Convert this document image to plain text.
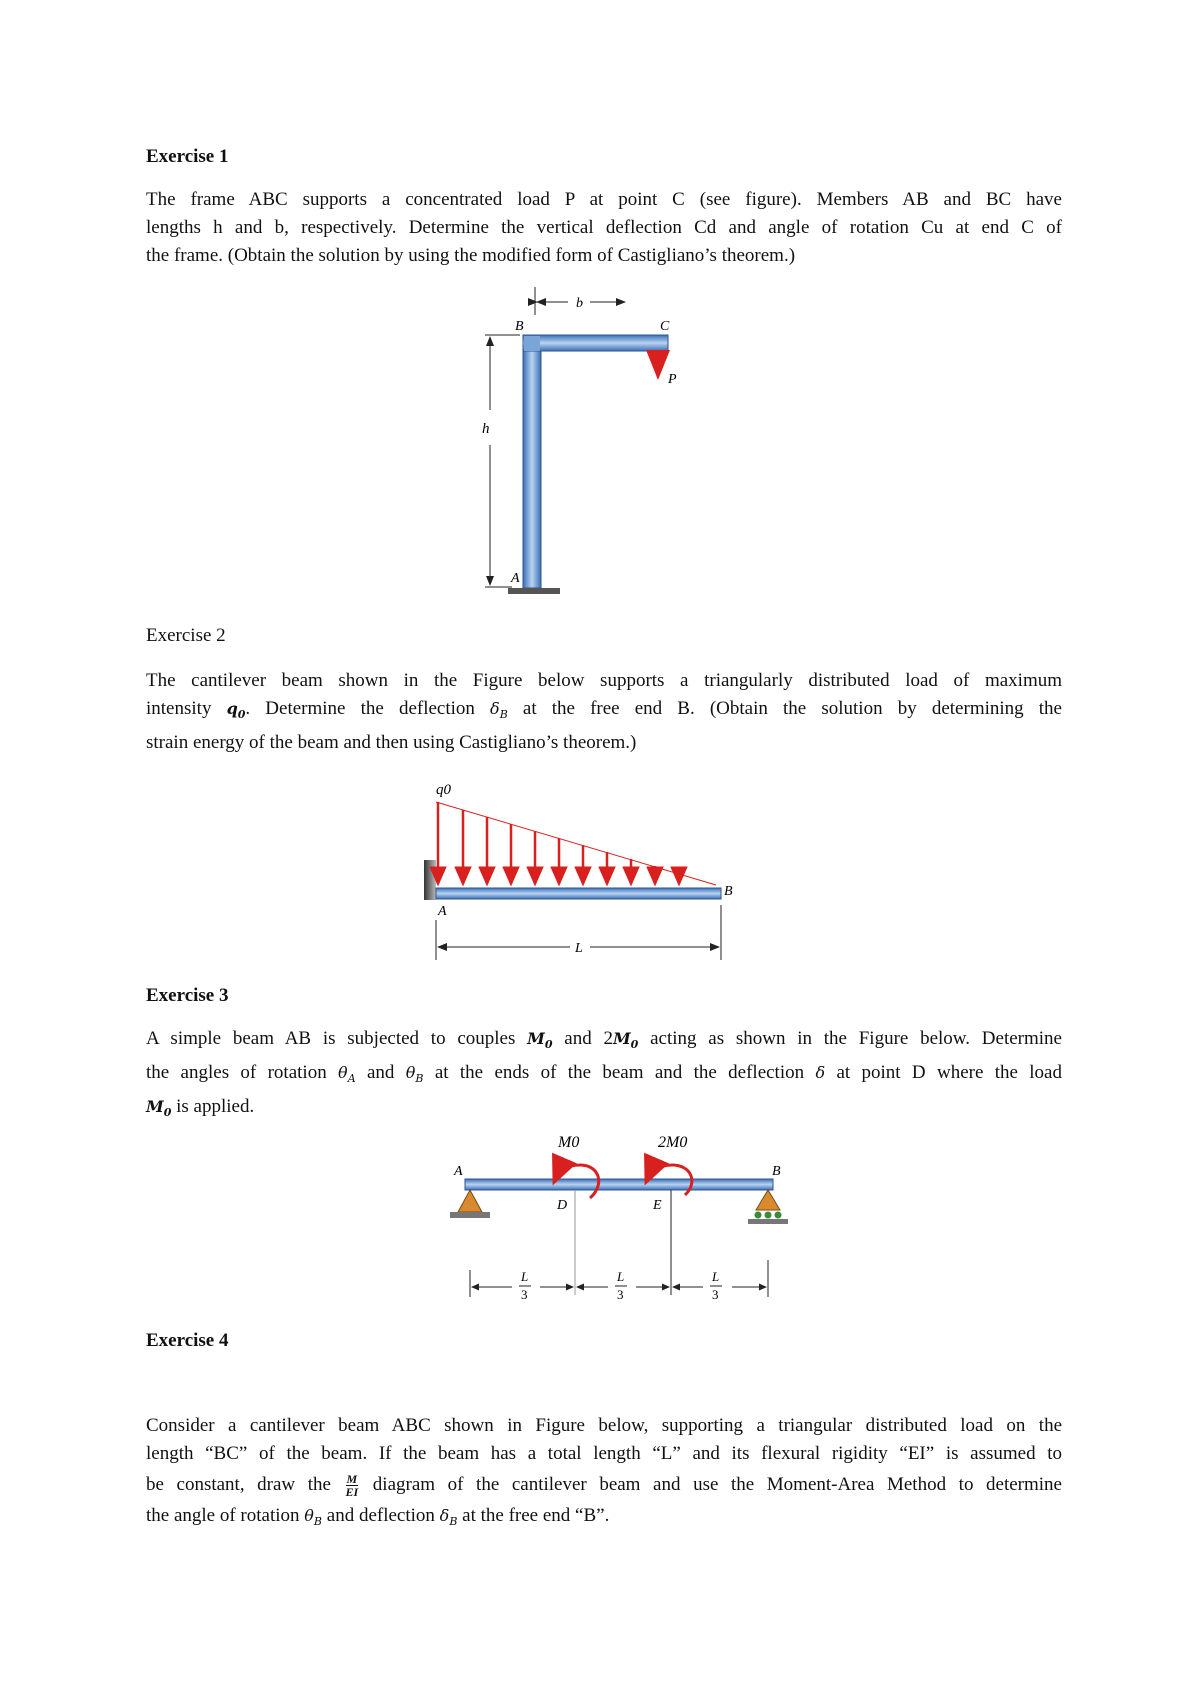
Exercise 1

The frame ABC supports a concentrated load P at point C (see figure). Members AB and BC have
lengths h and b, respectively. Determine the vertical deflection Cd and angle of rotation Cu at end C of
the frame. (Obtain the solution by using the modified form of Castigliano’s theorem.)

Exercise 2

The cantilever beam shown in the Figure below supports a triangularly distributed load of maximum
intensity $q_0$. Determine the deflection $\delta_B$ at the free end B. (Obtain the solution by determining the
strain energy of the beam and then using Castigliano’s theorem.)

Exercise 3

A simple beam AB is subjected to couples $M_0$ and $2M_0$ acting as shown in the Figure below. Determine
the angles of rotation $\theta_A$ and $\theta_B$ at the ends of the beam and the deflection δ at point D where the load
$M_0$ is applied.

Exercise 4

Consider a cantilever beam ABC shown in Figure below, supporting a triangular distributed load on the
length “BC” of the beam. If the beam has a total length “L” and its flexural rigidity “EI” is assumed to
be constant, draw the $\frac{M}{EI}$ diagram of the cantilever beam and use the Moment-Area Method to determine
the angle of rotation $\theta_B$ and deflection $\delta_B$ at the free end “B”.

b
h
B	C
P
A
q0
A
B
L
M0	2M0
A	B
D	E
L
3
L
3
L
3
